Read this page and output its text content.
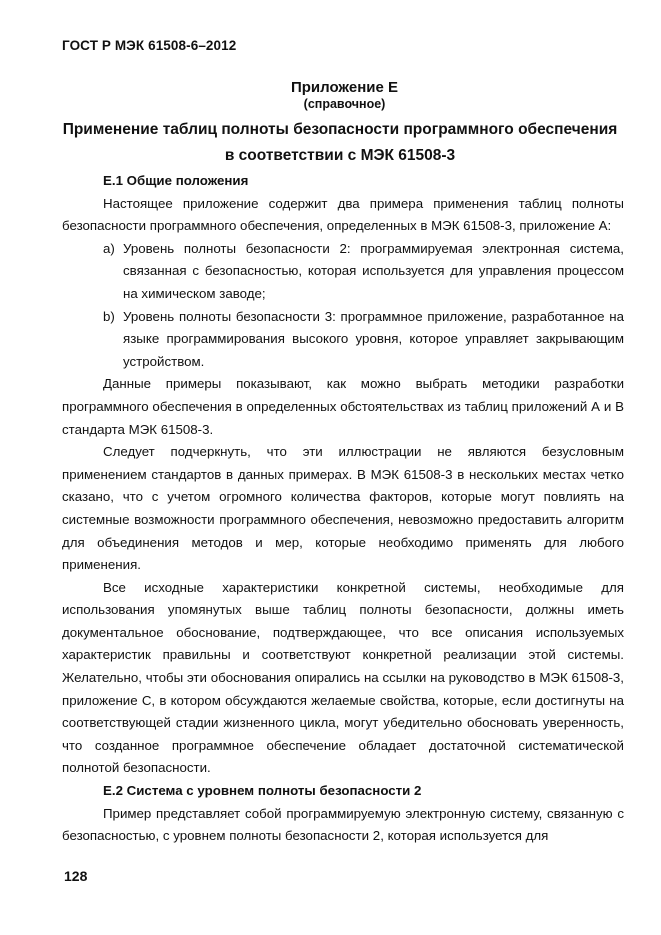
ГОСТ Р МЭК 61508-6–2012
Приложение Е
(справочное)
Применение таблиц полноты безопасности программного обеспечения
в соответствии с МЭК 61508-3

Е.1 Общие положения

Настоящее приложение содержит два примера применения таблиц полноты безопасности программного обеспечения, определенных в МЭК 61508-3, приложение А:

a) Уровень полноты безопасности 2: программируемая электронная система, связанная с безопасностью, которая используется для управления процессом на химическом заводе;
b) Уровень полноты безопасности 3: программное приложение, разработанное на языке программирования высокого уровня, которое управляет закрывающим устройством.

Данные примеры показывают, как можно выбрать методики разработки программного обеспечения в определенных обстоятельствах из таблиц приложений А и В стандарта МЭК 61508-3.

Следует подчеркнуть, что эти иллюстрации не являются безусловным применением стандартов в данных примерах. В МЭК 61508-3 в нескольких местах четко сказано, что с учетом огромного количества факторов, которые могут повлиять на системные возможности программного обеспечения, невозможно предоставить алгоритм для объединения методов и мер, которые необходимо применять для любого применения.

Все исходные характеристики конкретной системы, необходимые для использования упомянутых выше таблиц полноты безопасности, должны иметь документальное обоснование, подтверждающее, что все описания используемых характеристик правильны и соответствуют конкретной реализации этой системы. Желательно, чтобы эти обоснования опирались на ссылки на руководство в МЭК 61508-3, приложение С, в котором обсуждаются желаемые свойства, которые, если достигнуты на соответствующей стадии жизненного цикла, могут убедительно обосновать уверенность, что созданное программное обеспечение обладает достаточной систематической полнотой безопасности.

Е.2 Система с уровнем полноты безопасности 2

Пример представляет собой программируемую электронную систему, связанную с безопасностью, с уровнем полноты безопасности 2, которая используется для

128
